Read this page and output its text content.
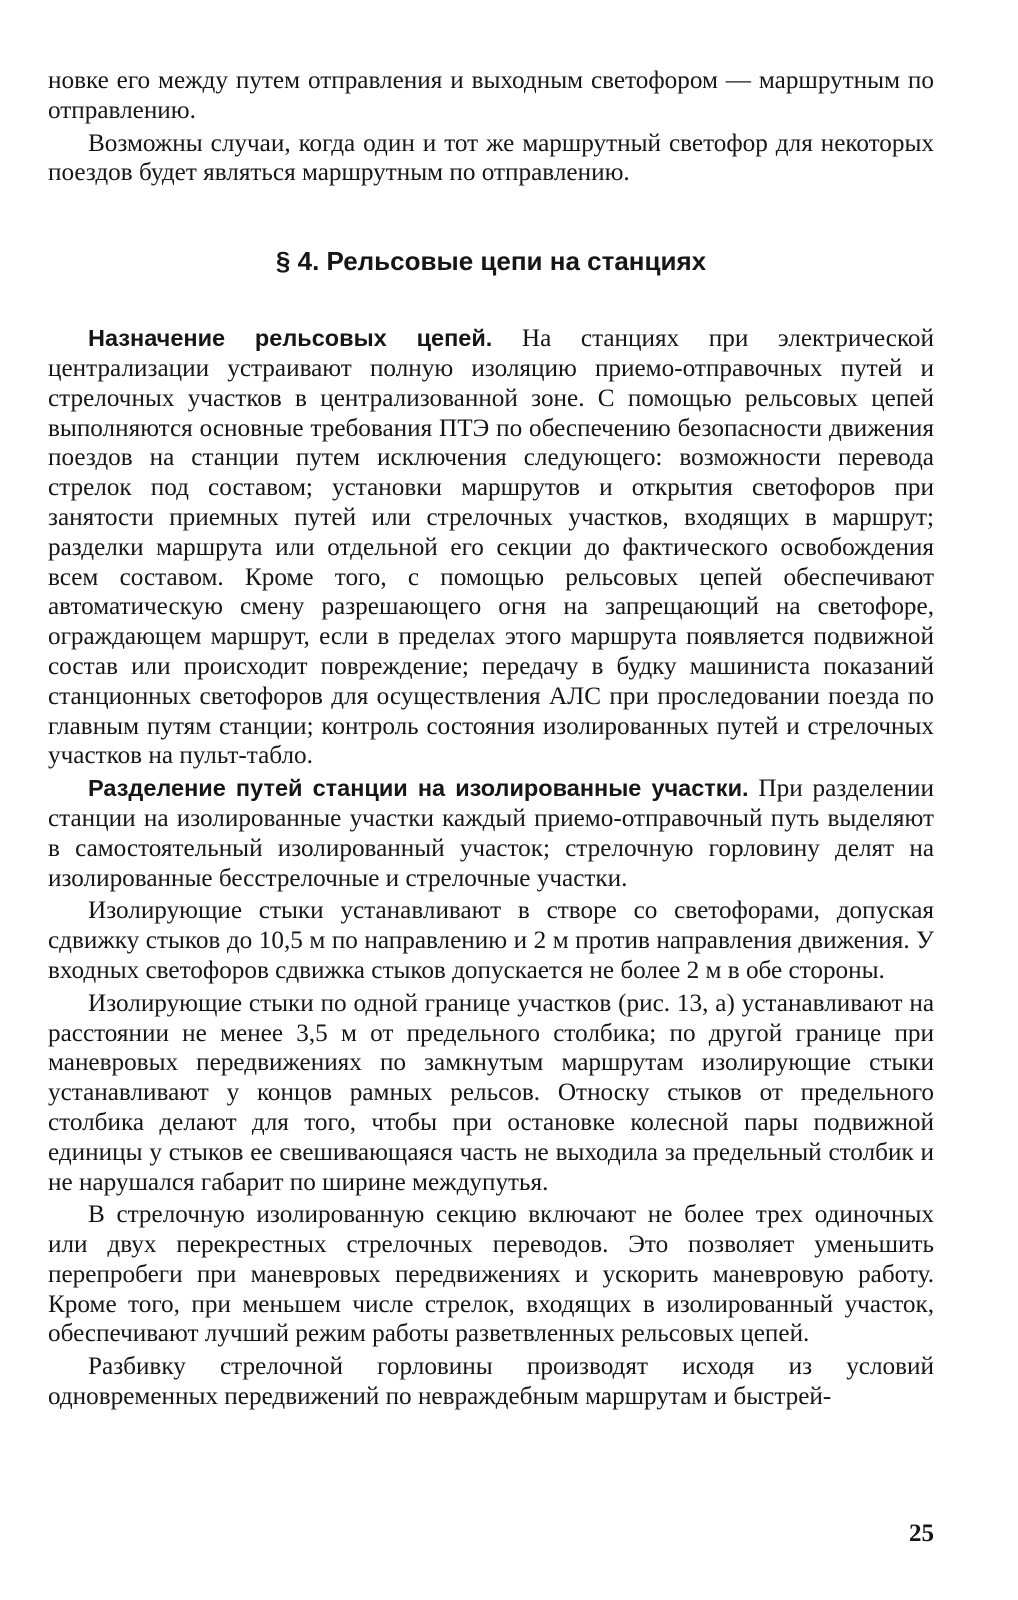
новке его между путем отправления и выходным светофором — маршрутным по отправлению.

Возможны случаи, когда один и тот же маршрутный светофор для некоторых поездов будет являться маршрутным по отправлению.

§ 4. Рельсовые цепи на станциях

Назначение рельсовых цепей. На станциях при электрической централизации устраивают полную изоляцию приемо-отправочных путей и стрелочных участков в централизованной зоне. С помощью рельсовых цепей выполняются основные требования ПТЭ по обеспечению безопасности движения поездов на станции путем исключения следующего: возможности перевода стрелок под составом; установки маршрутов и открытия светофоров при занятости приемных путей или стрелочных участков, входящих в маршрут; разделки маршрута или отдельной его секции до фактического освобождения всем составом. Кроме того, с помощью рельсовых цепей обеспечивают автоматическую смену разрешающего огня на запрещающий на светофоре, ограждающем маршрут, если в пределах этого маршрута появляется подвижной состав или происходит повреждение; передачу в будку машиниста показаний станционных светофоров для осуществления АЛС при проследовании поезда по главным путям станции; контроль состояния изолированных путей и стрелочных участков на пульт-табло.

Разделение путей станции на изолированные участки. При разделении станции на изолированные участки каждый приемо-отправочный путь выделяют в самостоятельный изолированный участок; стрелочную горловину делят на изолированные бесстрелочные и стрелочные участки.

Изолирующие стыки устанавливают в створе со светофорами, допуская сдвижку стыков до 10,5 м по направлению и 2 м против направления движения. У входных светофоров сдвижка стыков допускается не более 2 м в обе стороны.

Изолирующие стыки по одной границе участков (рис. 13, а) устанавливают на расстоянии не менее 3,5 м от предельного столбика; по другой границе при маневровых передвижениях по замкнутым маршрутам изолирующие стыки устанавливают у концов рамных рельсов. Относку стыков от предельного столбика делают для того, чтобы при остановке колесной пары подвижной единицы у стыков ее свешивающаяся часть не выходила за предельный столбик и не нарушался габарит по ширине междупутья.

В стрелочную изолированную секцию включают не более трех одиночных или двух перекрестных стрелочных переводов. Это позволяет уменьшить перепробеги при маневровых передвижениях и ускорить маневровую работу. Кроме того, при меньшем числе стрелок, входящих в изолированный участок, обеспечивают лучший режим работы разветвленных рельсовых цепей.

Разбивку стрелочной горловины производят исходя из условий одновременных передвижений по невраждебным маршрутам и быстрей-

25
